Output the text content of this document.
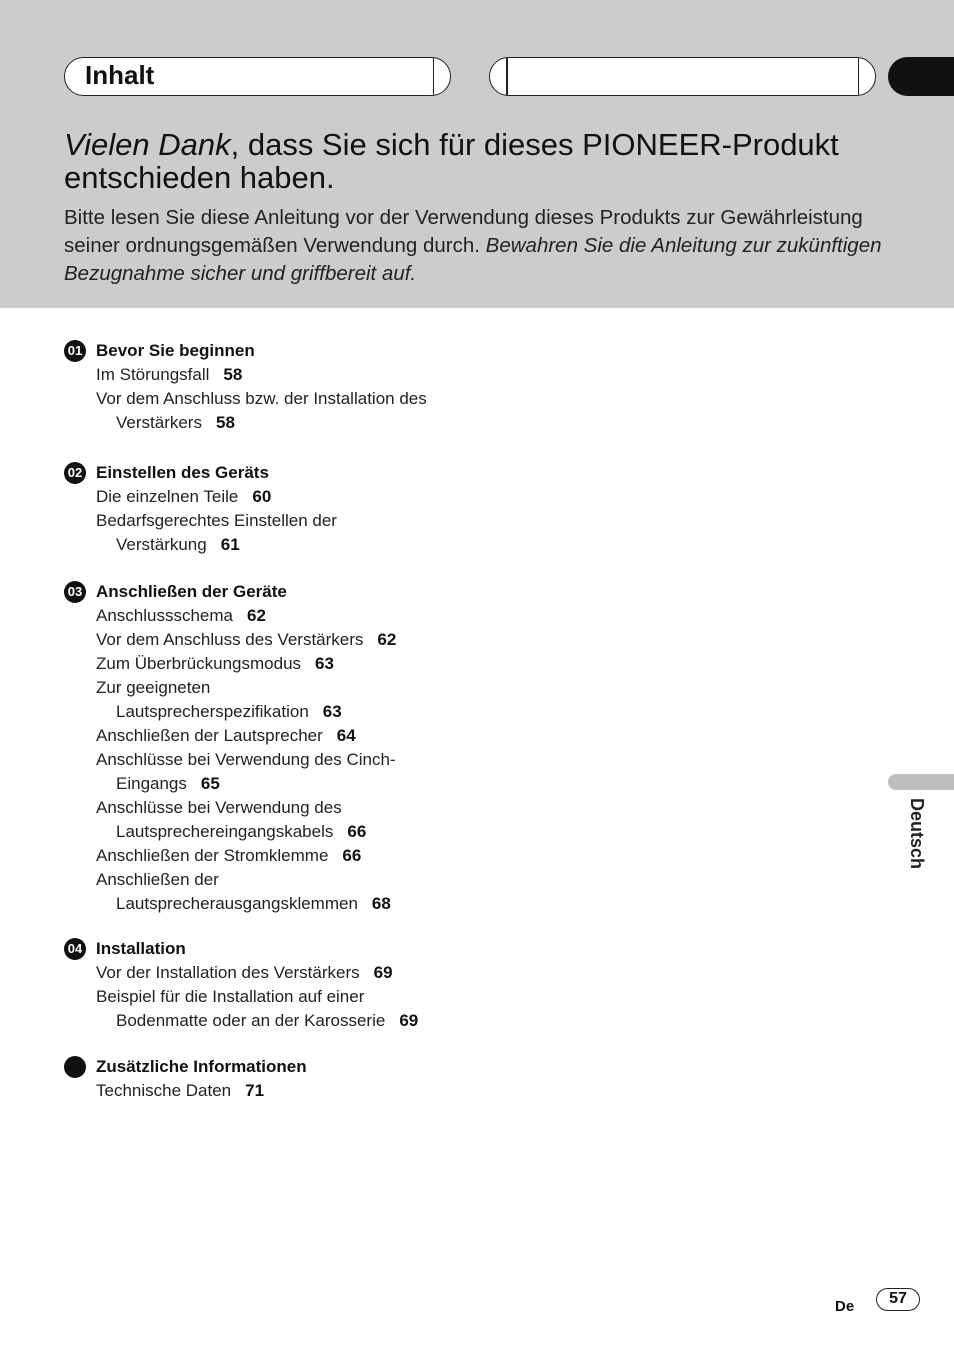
Inhalt
Vielen Dank, dass Sie sich für dieses PIONEER-Produkt entschieden haben.

Bitte lesen Sie diese Anleitung vor der Verwendung dieses Produkts zur Gewährleistung seiner ordnungsgemäßen Verwendung durch. Bewahren Sie die Anleitung zur zukünftigen Bezugnahme sicher und griffbereit auf.

01 Bevor Sie beginnen
Im Störungsfall 58
Vor dem Anschluss bzw. der Installation des
Verstärkers 58
02 Einstellen des Geräts
Die einzelnen Teile 60
Bedarfsgerechtes Einstellen der
Verstärkung 61
03 Anschließen der Geräte
Anschlussschema 62
Vor dem Anschluss des Verstärkers 62
Zum Überbrückungsmodus 63
Zur geeigneten
Lautsprecherspezifikation 63
Anschließen der Lautsprecher 64
Anschlüsse bei Verwendung des Cinch-
Eingangs 65
Anschlüsse bei Verwendung des
Lautsprechereingangskabels 66
Anschließen der Stromklemme 66
Anschließen der
Lautsprecherausgangsklemmen 68
04 Installation
Vor der Installation des Verstärkers 69
Beispiel für die Installation auf einer
Bodenmatte oder an der Karosserie 69
Zusätzliche Informationen
Technische Daten 71
Deutsch
De	57
